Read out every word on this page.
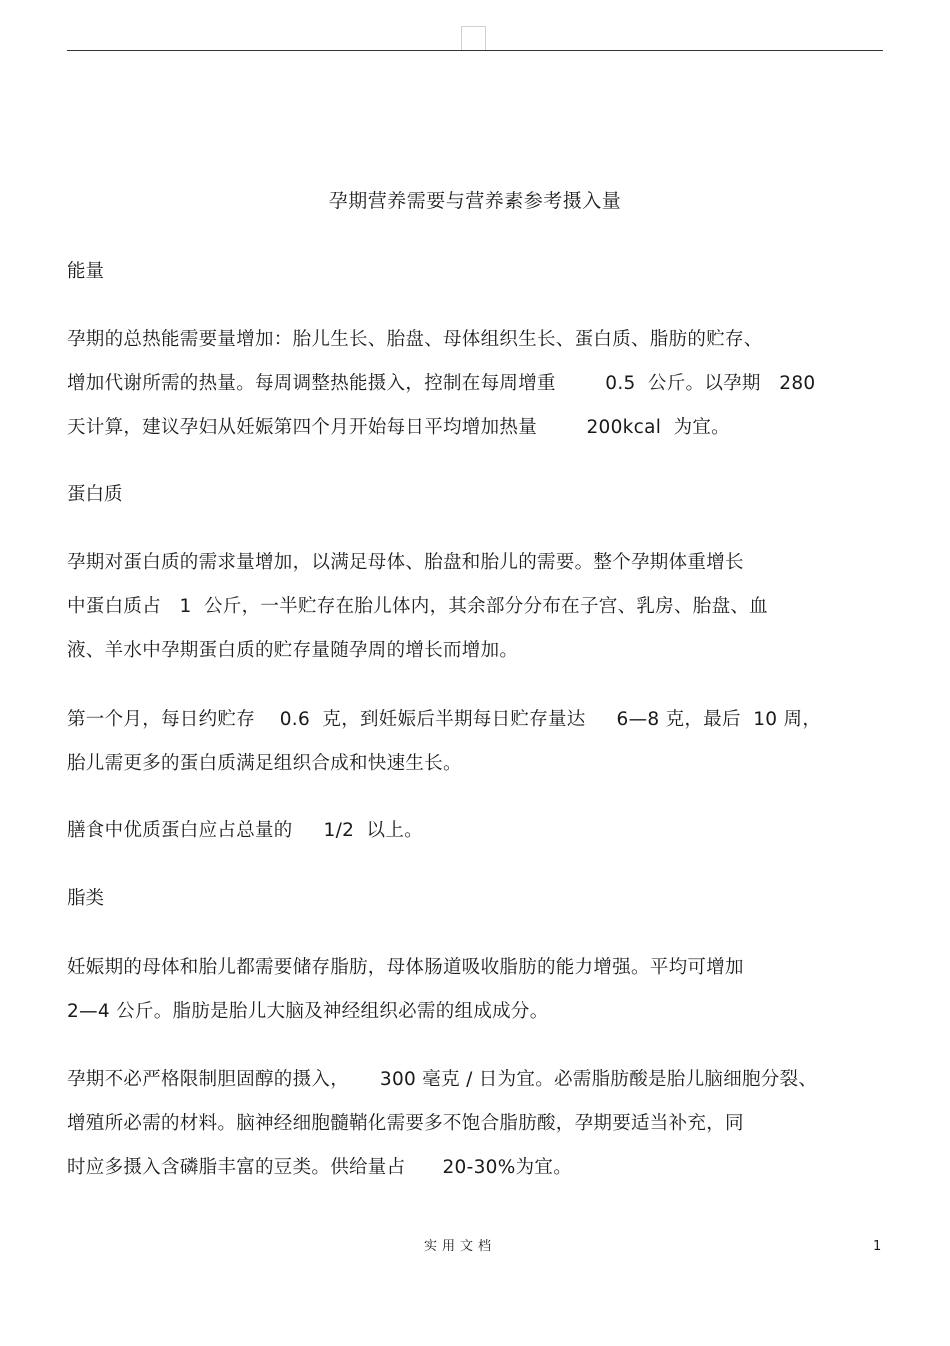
孕期营养需要与营养素参考摄入量
能量
孕期的总热能需要量增加：胎儿生长、胎盘、母体组织生长、蛋白质、脂肪的贮存、
增加代谢所需的热量。每周调整热能摄入，控制在每周增重        0.5  公斤。以孕期   280
天计算，建议孕妇从妊娠第四个月开始每日平均增加热量        200kcal  为宜。
蛋白质
孕期对蛋白质的需求量增加，以满足母体、胎盘和胎儿的需要。整个孕期体重增长
中蛋白质占   1  公斤，一半贮存在胎儿体内，其余部分分布在子宫、乳房、胎盘、血
液、羊水中孕期蛋白质的贮存量随孕周的增长而增加。
第一个月，每日约贮存    0.6  克，到妊娠后半期每日贮存量达     6—8 克，最后  10 周，
胎儿需更多的蛋白质满足组织合成和快速生长。
膳食中优质蛋白应占总量的     1/2  以上。
脂类
妊娠期的母体和胎儿都需要储存脂肪，母体肠道吸收脂肪的能力增强。平均可增加
2—4 公斤。脂肪是胎儿大脑及神经组织必需的组成成分。
孕期不必严格限制胆固醇的摄入，     300 毫克 / 日为宜。必需脂肪酸是胎儿脑细胞分裂、
增殖所必需的材料。脑神经细胞髓鞘化需要多不饱合脂肪酸，孕期要适当补充，同
时应多摄入含磷脂丰富的豆类。供给量占      20-30%为宜。
实用文档	1
